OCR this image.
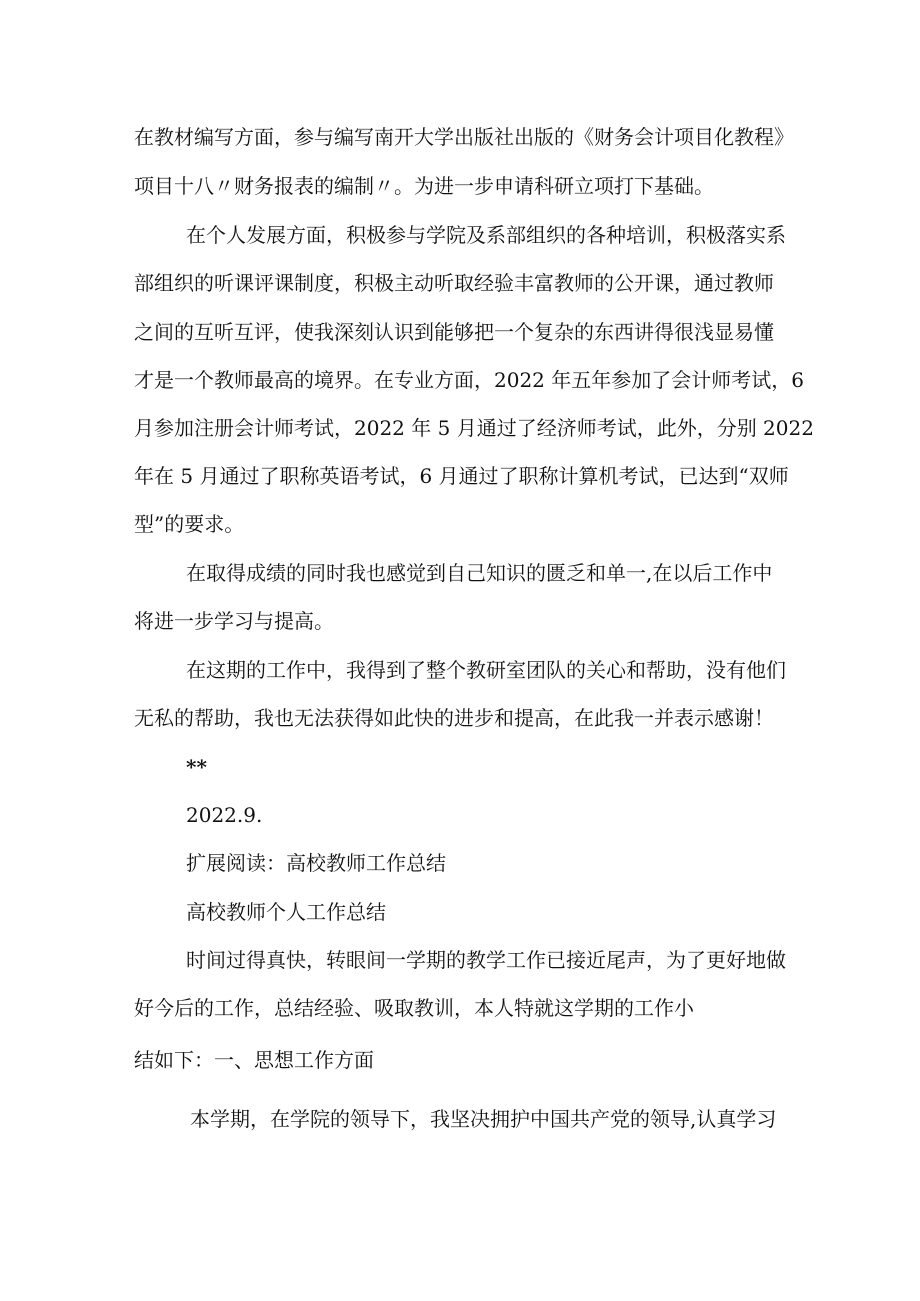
在教材编写方面，参与编写南开大学出版社出版的《财务会计项目化教程》
项目十八〃财务报表的编制〃。为进一步申请科研立项打下基础。
在个人发展方面，积极参与学院及系部组织的各种培训，积极落实系
部组织的听课评课制度，积极主动听取经验丰富教师的公开课，通过教师
之间的互听互评，使我深刻认识到能够把一个复杂的东西讲得很浅显易懂
才是一个教师最高的境界。在专业方面，2022 年五年参加了会计师考试，6
月参加注册会计师考试，2022 年 5 月通过了经济师考试，此外，分别 2022
年在 5 月通过了职称英语考试，6 月通过了职称计算机考试，已达到“双师
型”的要求。
在取得成绩的同时我也感觉到自己知识的匮乏和单一,在以后工作中
将进一步学习与提高。
在这期的工作中，我得到了整个教研室团队的关心和帮助，没有他们
无私的帮助，我也无法获得如此快的进步和提高，在此我一并表示感谢！
**
2022.9.
扩展阅读：高校教师工作总结
高校教师个人工作总结
时间过得真快，转眼间一学期的教学工作已接近尾声，为了更好地做
好今后的工作，总结经验、吸取教训，本人特就这学期的工作小
结如下：一、思想工作方面
本学期，在学院的领导下，我坚决拥护中国共产党的领导,认真学习
